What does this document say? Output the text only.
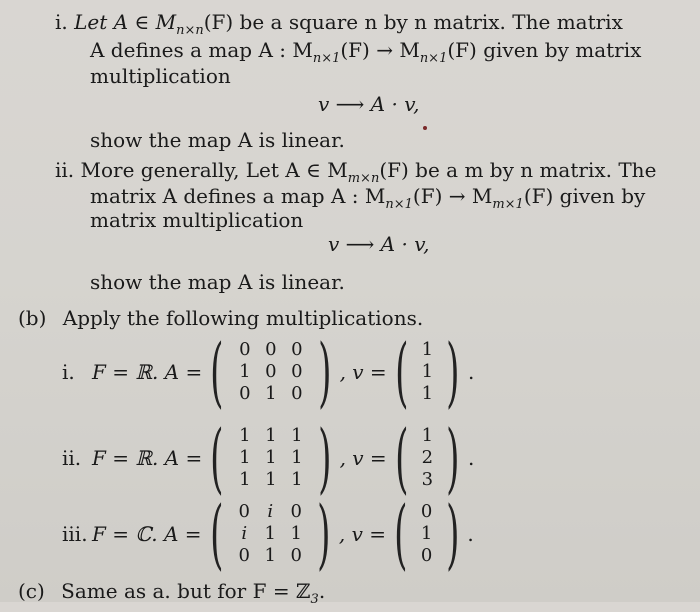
i. Let A ∈ $M_{n\times n}(F)$ be a square n by n matrix. The matrix
A defines a map A : $M_{n\times 1}(F) \to M_{n\times 1}(F)$ given by matrix
multiplication
v ⟶ A · v,
show the map A is linear.
ii. More generally, Let A ∈ $M_{m\times n}(F)$ be a m by n matrix. The
matrix A defines a map A : $M_{n\times 1}(F) \to M_{m\times 1}(F)$ given by
matrix multiplication
v ⟶ A · v,
show the map A is linear.
(b) Apply the following multiplications.
i. F = ℝ. A = ( 0 0 0
1 0 0
0 1 0 ) , v = ( 1
1
1 ) .
ii. F = ℝ. A = ( 1 1 1
1 1 1
1 1 1 ) , v = ( 1
2
3 ) .
iii. F = ℂ. A = ( 0 i 0
i 1 1
0 1 0 ) , v = ( 0
1
0 ) .
(c) Same as a. but for F = ℤ$_3$.
